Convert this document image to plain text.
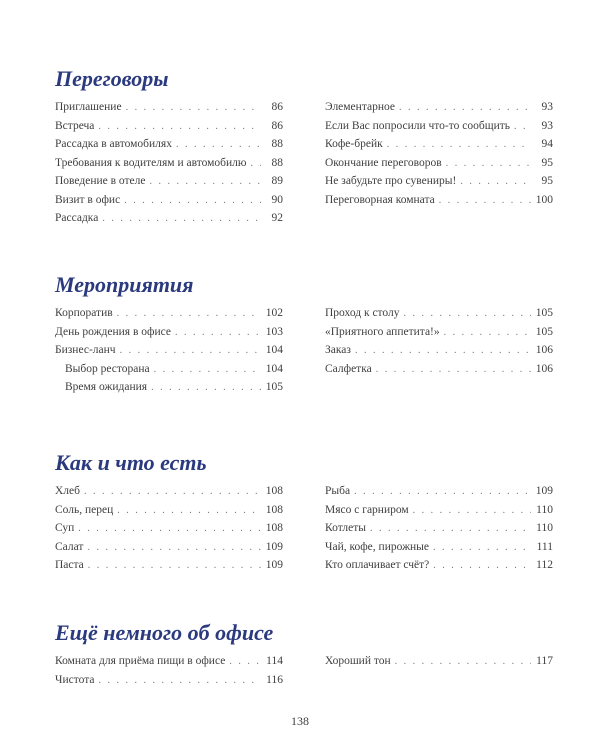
Переговоры
Приглашение . . .	86
Встреча . . .	86
Рассадка в автомобилях . . .	88
Требования к водителям и автомобилю . . .	88
Поведение в отеле . . .	89
Визит в офис . . .	90
Рассадка . . .	92
Элементарное . . .	93
Если Вас попросили что-то сообщить . . .	93
Кофе-брейк . . .	94
Окончание переговоров . . .	95
Не забудьте про сувениры! . . .	95
Переговорная комната . . .	100
Мероприятия
Корпоратив . . .	102
День рождения в офисе . . .	103
Бизнес-ланч . . .	104
Выбор ресторана . . .	104
Время ожидания . . .	105
Проход к столу . . .	105
«Приятного аппетита!» . . .	105
Заказ . . .	106
Салфетка . . .	106
Как и что есть
Хлеб . . .	108
Соль, перец . . .	108
Суп . . .	108
Салат . . .	109
Паста . . .	109
Рыба . . .	109
Мясо с гарниром . . .	110
Котлеты . . .	110
Чай, кофе, пирожные . . .	111
Кто оплачивает счёт? . . .	112
Ещё немного об офисе
Комната для приёма пищи в офисе . . .	114
Чистота . . .	116
Хороший тон . . .	117
138
